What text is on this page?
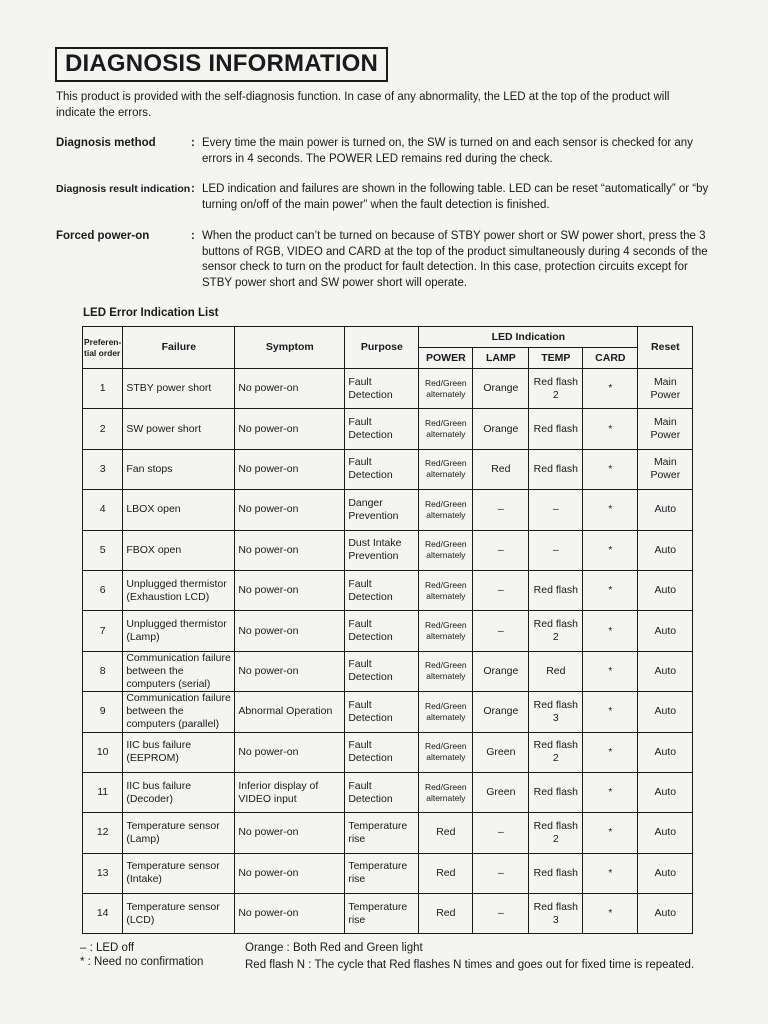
DIAGNOSIS INFORMATION
This product is provided with the self-diagnosis function. In case of any abnormality, the LED at the top of the product will indicate the errors.
Diagnosis method	: Every time the main power is turned on, the SW is turned on and each sensor is checked for any errors in 4 seconds. The POWER LED remains red during the check.
Diagnosis result indication : LED indication and failures are shown in the following table. LED can be reset “automatically” or “by turning on/off of the main power” when the fault detection is finished.
Forced power-on	: When the product can’t be turned on because of STBY power short or SW power short, press the 3 buttons of RGB, VIDEO and CARD at the top of the product simultaneously during 4 seconds of the sensor check to turn on the product for fault detection. In this case, protection circuits except for STBY power short and SW power short will operate.
LED Error Indication List
Preferen-tial order	Failure	Symptom	Purpose	LED Indication				Reset
				POWER	LAMP	TEMP	CARD	
1	STBY power short	No power-on	Fault Detection	Red/Green alternately	Orange	Red flash 2	*	Main Power
2	SW power short	No power-on	Fault Detection	Red/Green alternately	Orange	Red flash	*	Main Power
3	Fan stops	No power-on	Fault Detection	Red/Green alternately	Red	Red flash	*	Main Power
4	LBOX open	No power-on	Danger Prevention	Red/Green alternately	–	–	*	Auto
5	FBOX open	No power-on	Dust Intake Prevention	Red/Green alternately	–	–	*	Auto
6	Unplugged thermistor (Exhaustion LCD)	No power-on	Fault Detection	Red/Green alternately	–	Red flash	*	Auto
7	Unplugged thermistor (Lamp)	No power-on	Fault Detection	Red/Green alternately	–	Red flash 2	*	Auto
8	Communication failure between the computers (serial)	No power-on	Fault Detection	Red/Green alternately	Orange	Red	*	Auto
9	Communication failure between the computers (parallel)	Abnormal Operation	Fault Detection	Red/Green alternately	Orange	Red flash 3	*	Auto
10	IIC bus failure (EEPROM)	No power-on	Fault Detection	Red/Green alternately	Green	Red flash 2	*	Auto
11	IIC bus failure (Decoder)	Inferior display of VIDEO input	Fault Detection	Red/Green alternately	Green	Red flash	*	Auto
12	Temperature sensor (Lamp)	No power-on	Temperature rise	Red	–	Red flash 2	*	Auto
13	Temperature sensor (Intake)	No power-on	Temperature rise	Red	–	Red flash	*	Auto
14	Temperature sensor (LCD)	No power-on	Temperature rise	Red	–	Red flash 3	*	Auto
– : LED off
* : Need no confirmation
Orange : Both Red and Green light
Red flash N : The cycle that Red flashes N times and goes out for fixed time is repeated.
